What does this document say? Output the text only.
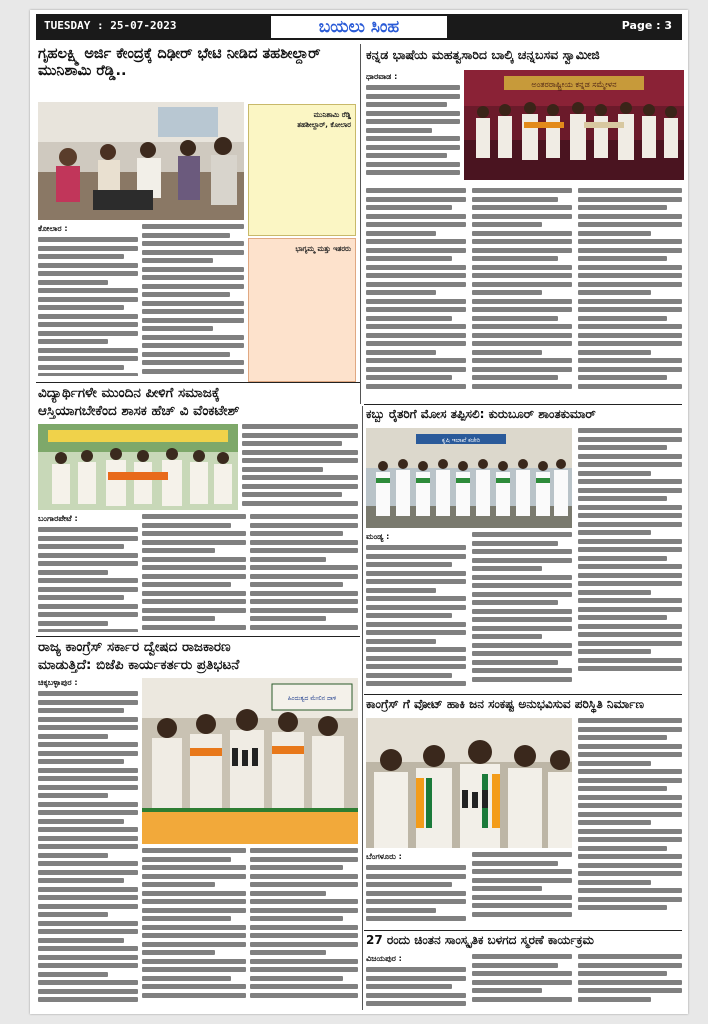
TUESDAY : 25-07-2023	ಬಯಲು ಸಿಂಹ	Page : 3
ಗೃಹಲಕ್ಷ್ಮಿ ಅರ್ಜಿ ಕೇಂದ್ರಕ್ಕೆ ದಿಢೀರ್ ಭೇಟಿ ನೀಡಿದ ತಹಶೀಲ್ದಾರ್ ಮುನಿಶಾಮಿ ರೆಡ್ಡಿ..
ಮುನಿಶಾಮಿ ರೆಡ್ಡಿ
ತಹಶೀಲ್ದಾರ್, ಕೋಲಾರ
ಕೋಲಾರ :
ಭಾಗ್ಯಮ್ಮ ಮತ್ತು ಇತರರು
ಕನ್ನಡ ಭಾಷೆಯ ಮಹತ್ವಸಾರಿದ ಬಾಲ್ಕಿ ಚನ್ನಬಸವ ಸ್ವಾಮೀಜಿ
ಧಾರವಾಡ :
ಅಂತರರಾಷ್ಟ್ರೀಯ ಕನ್ನಡ ಸಮ್ಮೇಳನ
ವಿದ್ಯಾರ್ಥಿಗಳೇ ಮುಂದಿನ ಪೀಳಿಗೆ ಸಮಾಜಕ್ಕೆ
ಆಸ್ತಿಯಾಗಬೇಕೆಂದ ಶಾಸಕ ಹೆಚ್ ವಿ ವೆಂಕಟೇಶ್
ಬಂಗಾರಪೇಟೆ :
ಕಬ್ಬು ರೈತರಿಗೆ ಮೋಸ ತಪ್ಪಿಸಲಿ: ಕುರುಬೂರ್ ಶಾಂತಕುಮಾರ್
ಕೃಷಿ ಇಲಾಖೆ ಕಚೇರಿ
ಮಂಡ್ಯ :
ರಾಜ್ಯ ಕಾಂಗ್ರೆಸ್ ಸರ್ಕಾರ ದ್ವೇಷದ ರಾಜಕಾರಣ
ಮಾಡುತ್ತಿದೆ: ಬಿಜೆಪಿ ಕಾರ್ಯಕರ್ತರು ಪ್ರತಿಭಟನೆ
ಚಿಕ್ಕಬಳ್ಳಾಪುರ :
ಹಿಂದುತ್ವದ ಮೇಲಿನ ದಾಳಿ ಕಾಂಗ್ರೆಸ್ ಗೆ ವೋಟ್ ಹಾಕಿ ಜನ ಸಂಕಷ್ಟ ಅನುಭವಿಸುವ ಪರಿಸ್ಥಿತಿ ನಿರ್ಮಾಣ
ಬೆಂಗಳೂರು :
27 ರಂದು ಚಿಂತನ ಸಾಂಸ್ಕೃತಿಕ ಬಳಗದ ಸ್ಮರಣೆ ಕಾರ್ಯಕ್ರಮ
ವಿಜಯಪುರ :
